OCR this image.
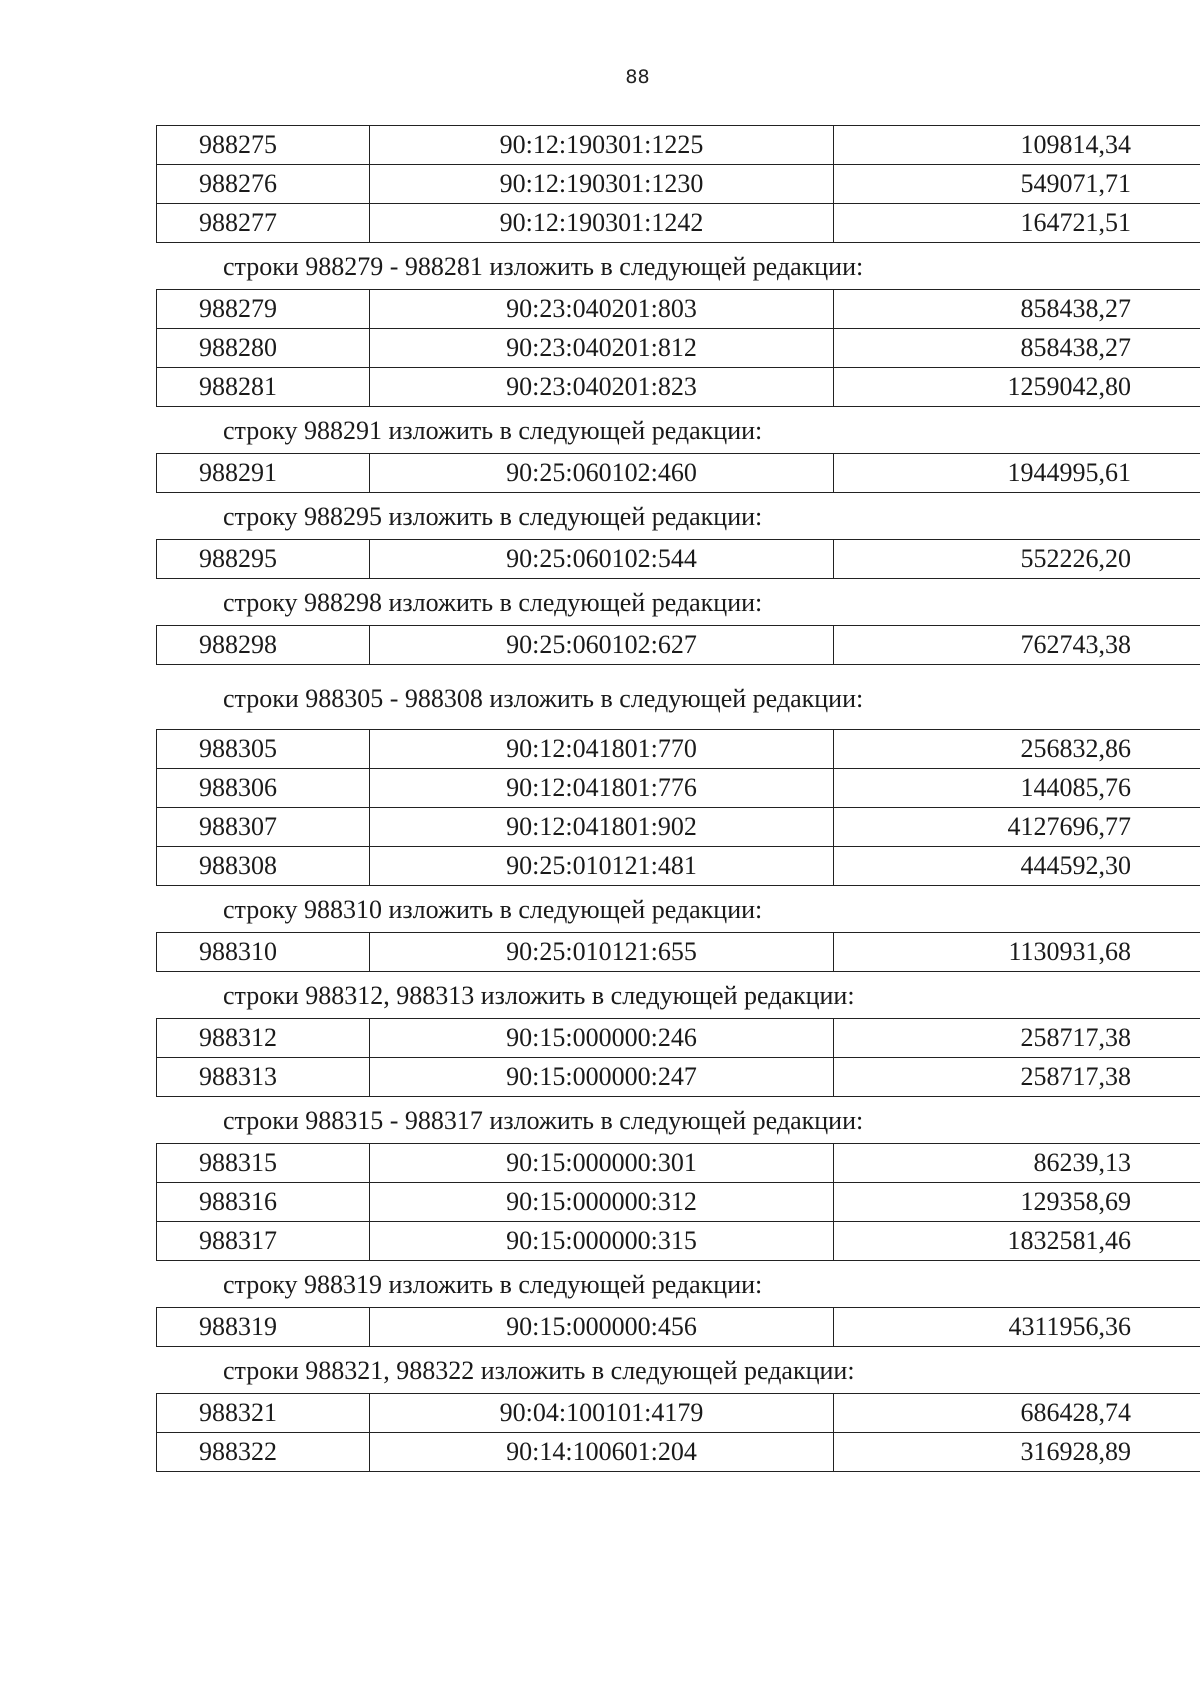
88
988275	90:12:190301:1225	109814,34
988276	90:12:190301:1230	549071,71
988277	90:12:190301:1242	164721,51
строки 988279 - 988281 изложить в следующей редакции:
988279	90:23:040201:803	858438,27
988280	90:23:040201:812	858438,27
988281	90:23:040201:823	1259042,80
строку 988291 изложить в следующей редакции:
988291	90:25:060102:460	1944995,61
строку 988295 изложить в следующей редакции:
988295	90:25:060102:544	552226,20
строку 988298 изложить в следующей редакции:
988298	90:25:060102:627	762743,38
строки 988305 - 988308 изложить в следующей редакции:
988305	90:12:041801:770	256832,86
988306	90:12:041801:776	144085,76
988307	90:12:041801:902	4127696,77
988308	90:25:010121:481	444592,30
строку 988310 изложить в следующей редакции:
988310	90:25:010121:655	1130931,68
строки 988312, 988313 изложить в следующей редакции:
988312	90:15:000000:246	258717,38
988313	90:15:000000:247	258717,38
строки 988315 - 988317 изложить в следующей редакции:
988315	90:15:000000:301	86239,13
988316	90:15:000000:312	129358,69
988317	90:15:000000:315	1832581,46
строку 988319 изложить в следующей редакции:
988319	90:15:000000:456	4311956,36
строки 988321, 988322 изложить в следующей редакции:
988321	90:04:100101:4179	686428,74
988322	90:14:100601:204	316928,89
